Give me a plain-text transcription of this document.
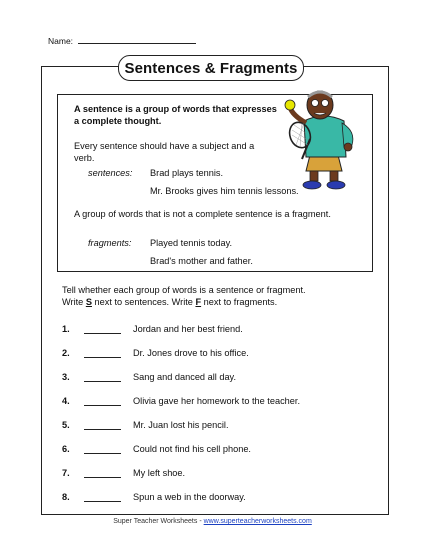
Name:
Sentences & Fragments
A sentence is a group of words that expresses a complete thought.
Every sentence should have a subject and a verb.
sentences: Brad plays tennis.
Mr. Brooks gives him tennis lessons.
A group of words that is not a complete sentence is a fragment.
fragments: Played tennis today.
Brad's mother and father.
Tell whether each group of words is a sentence or fragment.
Write S next to sentences. Write F next to fragments.
1.	Jordan and her best friend.
2.	Dr. Jones drove to his office.
3.	Sang and danced all day.
4.	Olivia gave her homework to the teacher.
5.	Mr. Juan lost his pencil.
6.	Could not find his cell phone.
7.	My left shoe.
8.	Spun a web in the doorway.
Super Teacher Worksheets - www.superteacherworksheets.com
